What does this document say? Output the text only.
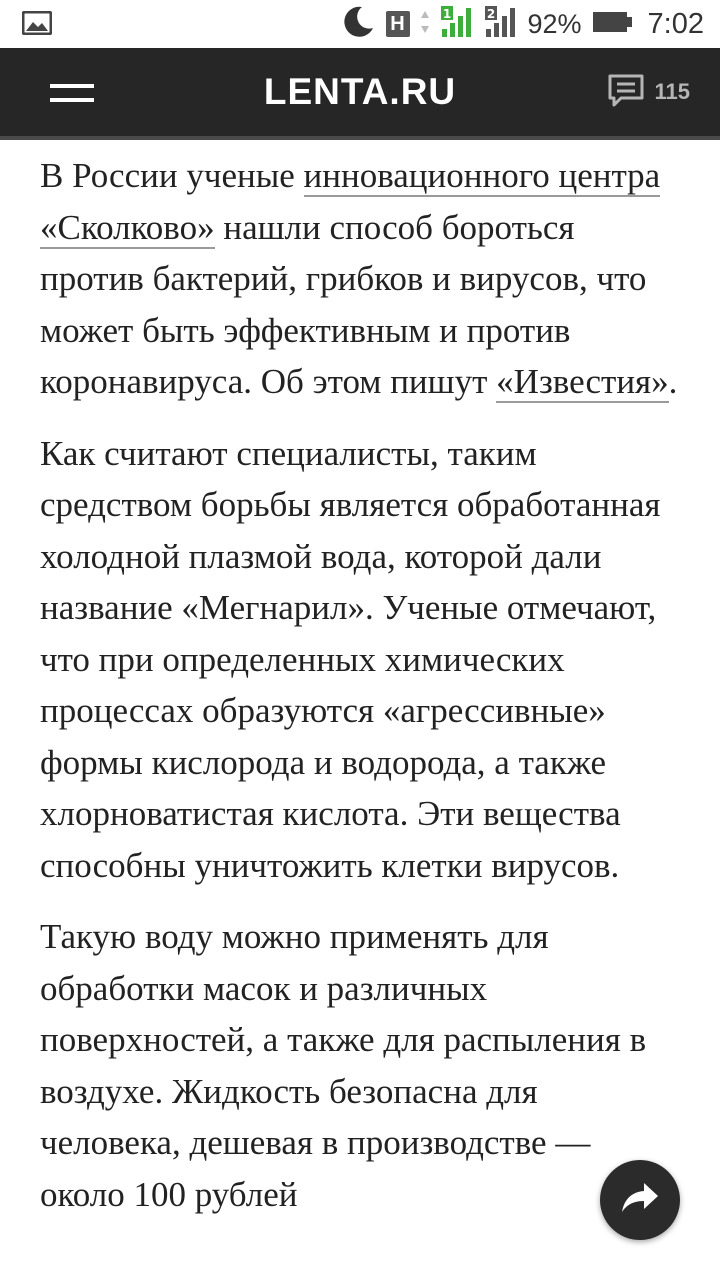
H	1	2 92% 7:02
LENTA.RU	115

В России ученые инновационного центра «Сколково» нашли способ бороться против бактерий, грибков и вирусов, что может быть эффективным и против коронавируса. Об этом пишут «Известия».

Как считают специалисты, таким средством борьбы является обработанная холодной плазмой вода, которой дали название «Мегнарил». Ученые отмечают, что при определенных химических процессах образуются «агрессивные» формы кислорода и водорода, а также хлорноватистая кислота. Эти вещества способны уничтожить клетки вирусов.

Такую воду можно применять для обработки масок и различных поверхностей, а также для распыления в воздухе. Жидкость безопасна для человека, дешевая в производстве — около 100 рублей
